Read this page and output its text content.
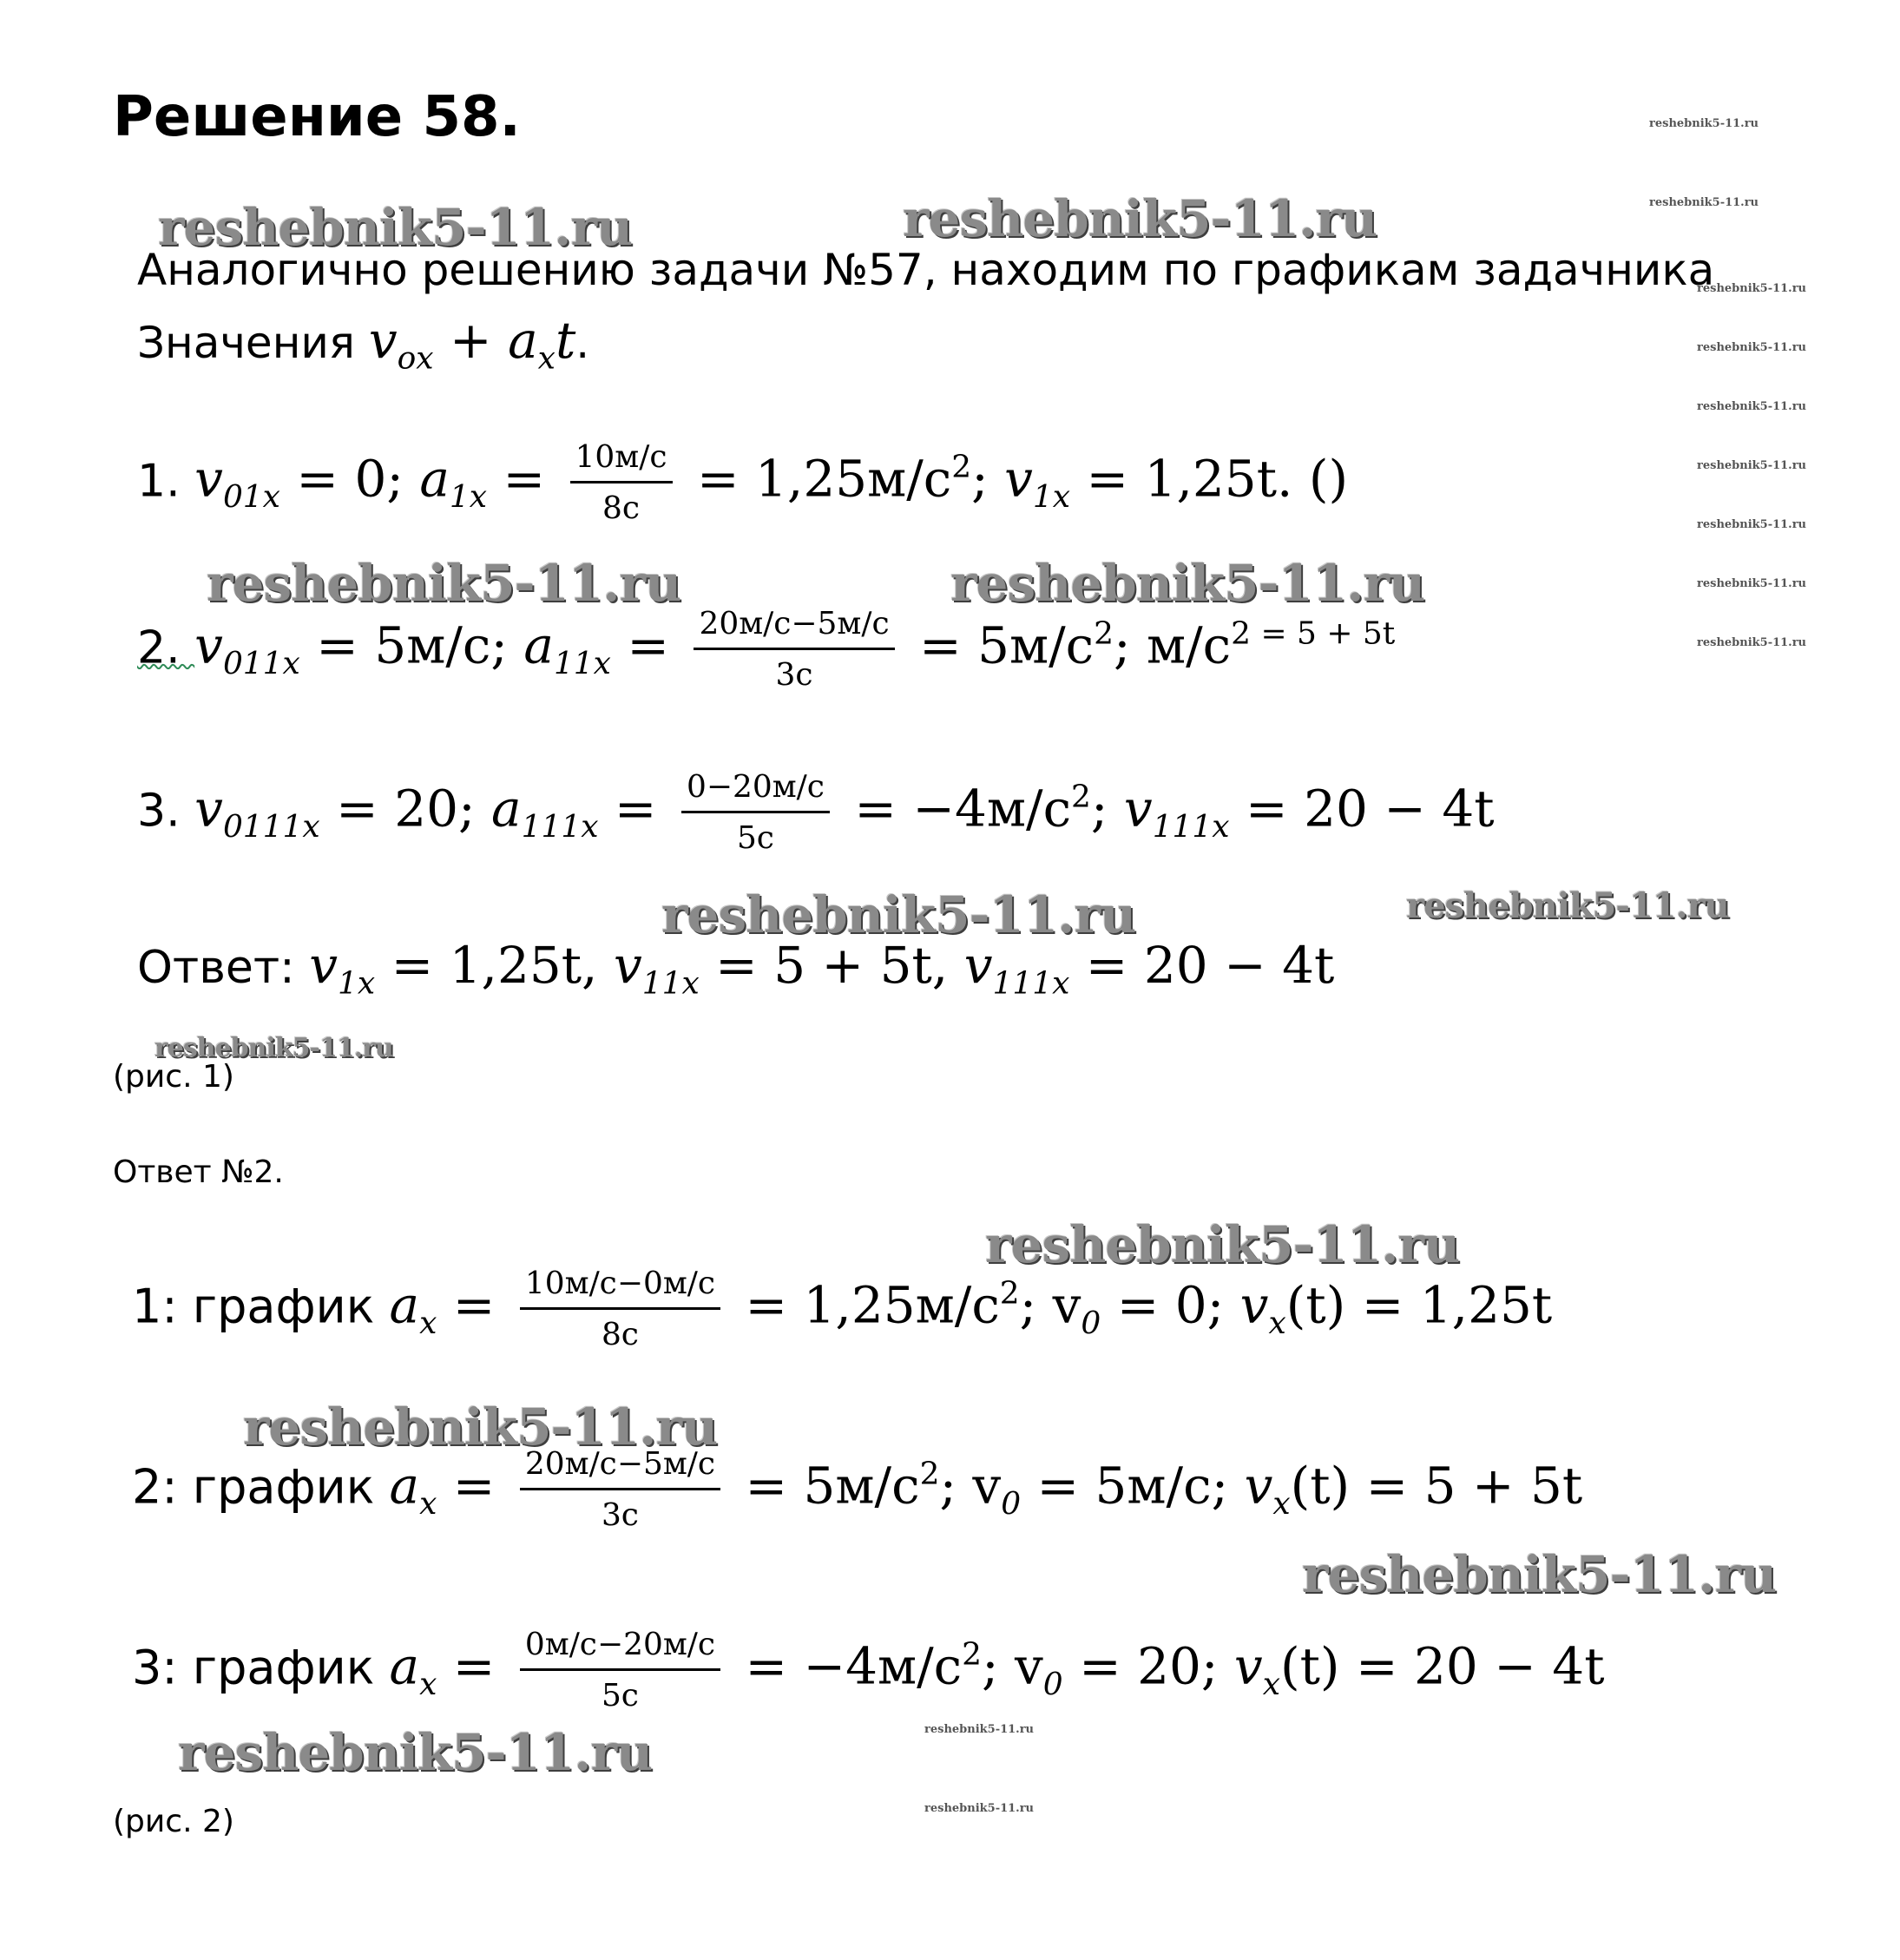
Решение 58.
Аналогично решению задачи №57, находим по графикам задачника
Значения $v_{ox} + a_xt$.
1. $v_{01x} = 0$; $a_{1x} = \frac{10м/с}{8с} = 1,25м/с^2$; $v_{1x} = 1,25t$. ()
2. $v_{011x} = 5м/с$; $a_{11x} = \frac{20м/с-5м/с}{3с} = 5м/с^2$; $м/с^{2 = 5 + 5t}$
3. $v_{0111x} = 20$; $a_{111x} = \frac{0-20м/с}{5с} = -4м/с^2$; $v_{111x} = 20 - 4t$
Ответ: $v_{1x} = 1,25t$, $v_{11x} = 5 + 5t$, $v_{111x} = 20 - 4t$
(рис. 1)
Ответ №2.
1: график $a_x = \frac{10м/с-0м/с}{8с} = 1,25м/с^2$; $v_0 = 0$; $v_x(t) = 1,25t$
2: график $a_x = \frac{20м/с-5м/с}{3с} = 5м/с^2$; $v_0 = 5м/с$; $v_x(t) = 5 + 5t$
3: график $a_x = \frac{0м/с-20м/с}{5с} = -4м/с^2$; $v_0 = 20$; $v_x(t) = 20 - 4t$
(рис. 2)
reshebnik5-11.ru	reshebnik5-11.ru
reshebnik5-11.ru	reshebnik5-11.ru
reshebnik5-11.ru	reshebnik5-11.ru
reshebnik5-11.ru
reshebnik5-11.ru
reshebnik5-11.ru
reshebnik5-11.ru
reshebnik5-11.ru
reshebnik5-11.ru
reshebnik5-11.ru
reshebnik5-11.ru
reshebnik5-11.ru
reshebnik5-11.ru
reshebnik5-11.ru
reshebnik5-11.ru
reshebnik5-11.ru
reshebnik5-11.ru
reshebnik5-11.ru
reshebnik5-11.ru
